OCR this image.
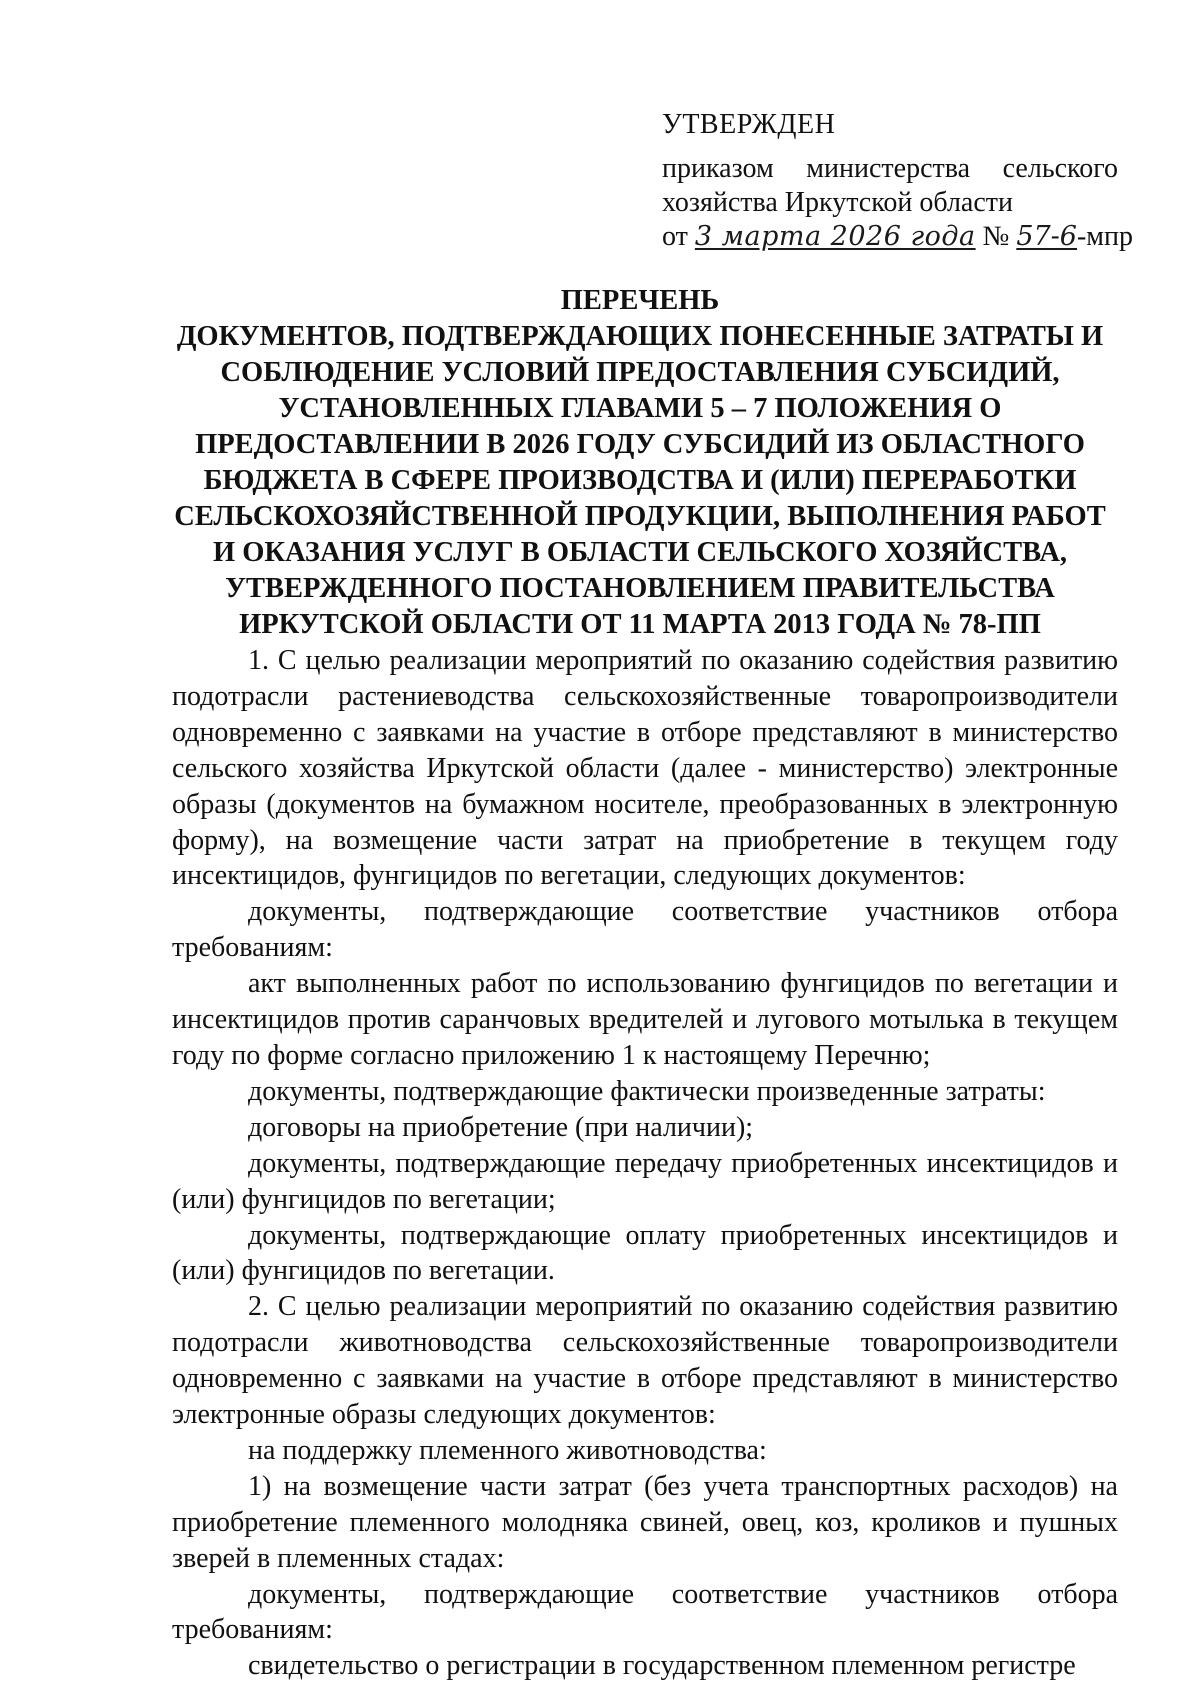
УТВЕРЖДЕН
приказом министерства сельского
хозяйства Иркутской области
от 3 марта 2026 года № 57-6-мпр
ПЕРЕЧЕНЬ
ДОКУМЕНТОВ, ПОДТВЕРЖДАЮЩИХ ПОНЕСЕННЫЕ ЗАТРАТЫ И СОБЛЮДЕНИЕ УСЛОВИЙ ПРЕДОСТАВЛЕНИЯ СУБСИДИЙ, УСТАНОВЛЕННЫХ ГЛАВАМИ 5 – 7 ПОЛОЖЕНИЯ О ПРЕДОСТАВЛЕНИИ В 2026 ГОДУ СУБСИДИЙ ИЗ ОБЛАСТНОГО БЮДЖЕТА В СФЕРЕ ПРОИЗВОДСТВА И (ИЛИ) ПЕРЕРАБОТКИ СЕЛЬСКОХОЗЯЙСТВЕННОЙ ПРОДУКЦИИ, ВЫПОЛНЕНИЯ РАБОТ И ОКАЗАНИЯ УСЛУГ В ОБЛАСТИ СЕЛЬСКОГО ХОЗЯЙСТВА, УТВЕРЖДЕННОГО ПОСТАНОВЛЕНИЕМ ПРАВИТЕЛЬСТВА ИРКУТСКОЙ ОБЛАСТИ ОТ 11 МАРТА 2013 ГОДА № 78-ПП

1. С целью реализации мероприятий по оказанию содействия развитию подотрасли растениеводства сельскохозяйственные товаропроизводители одновременно с заявками на участие в отборе представляют в министерство сельского хозяйства Иркутской области (далее - министерство) электронные образы (документов на бумажном носителе, преобразованных в электронную форму), на возмещение части затрат на приобретение в текущем году инсектицидов, фунгицидов по вегетации, следующих документов:

документы, подтверждающие соответствие участников отбора требованиям:

акт выполненных работ по использованию фунгицидов по вегетации и инсектицидов против саранчовых вредителей и лугового мотылька в текущем году по форме согласно приложению 1 к настоящему Перечню;

документы, подтверждающие фактически произведенные затраты:

договоры на приобретение (при наличии);

документы, подтверждающие передачу приобретенных инсектицидов и (или) фунгицидов по вегетации;

документы, подтверждающие оплату приобретенных инсектицидов и (или) фунгицидов по вегетации.

2. С целью реализации мероприятий по оказанию содействия развитию подотрасли животноводства сельскохозяйственные товаропроизводители одновременно с заявками на участие в отборе представляют в министерство электронные образы следующих документов:

на поддержку племенного животноводства:

1) на возмещение части затрат (без учета транспортных расходов) на приобретение племенного молодняка свиней, овец, коз, кроликов и пушных зверей в племенных стадах:

документы, подтверждающие соответствие участников отбора требованиям:

свидетельство о регистрации в государственном племенном регистре
